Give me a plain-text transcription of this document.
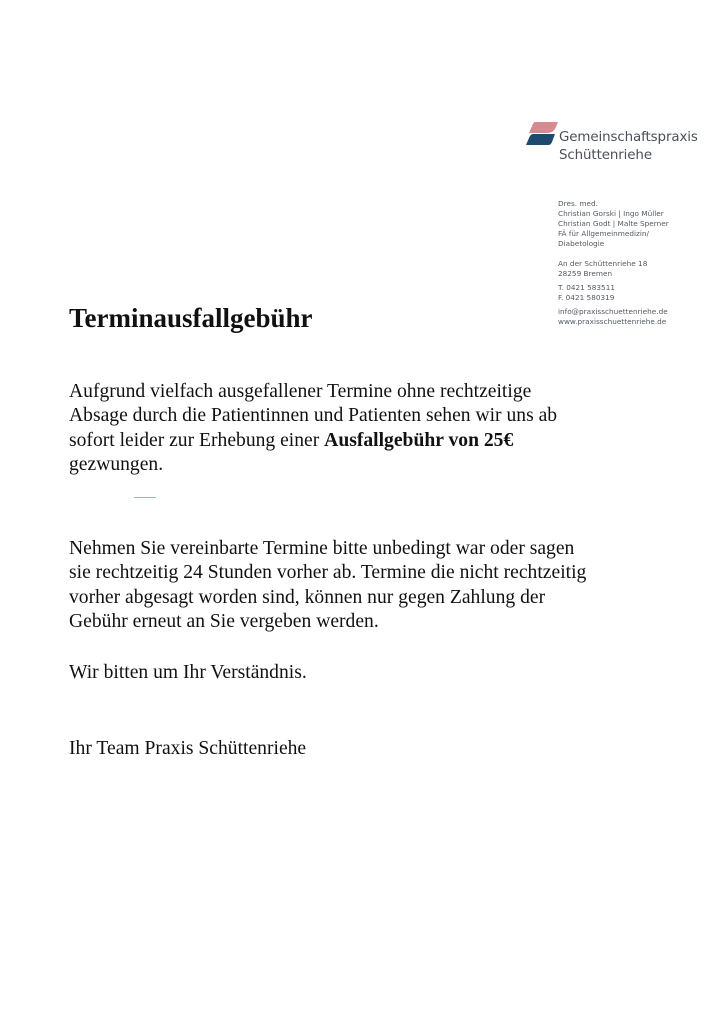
Gemeinschaftspraxis
Schüttenriehe
Dres. med.
Christian Gorski | Ingo Müller
Christian Godt | Malte Sperner
FÄ für Allgemeinmedizin/
Diabetologie
An der Schüttenriehe 18
28259 Bremen
T. 0421 583511
F. 0421 580319
info@praxisschuettenriehe.de
www.praxisschuettenriehe.de
Terminausfallgebühr
Aufgrund vielfach ausgefallener Termine ohne rechtzeitige
Absage durch die Patientinnen und Patienten sehen wir uns ab
sofort leider zur Erhebung einer Ausfallgebühr von 25€
gezwungen.
Nehmen Sie vereinbarte Termine bitte unbedingt war oder sagen
sie rechtzeitig 24 Stunden vorher ab. Termine die nicht rechtzeitig
vorher abgesagt worden sind, können nur gegen Zahlung der
Gebühr erneut an Sie vergeben werden.
Wir bitten um Ihr Verständnis.
Ihr Team Praxis Schüttenriehe
